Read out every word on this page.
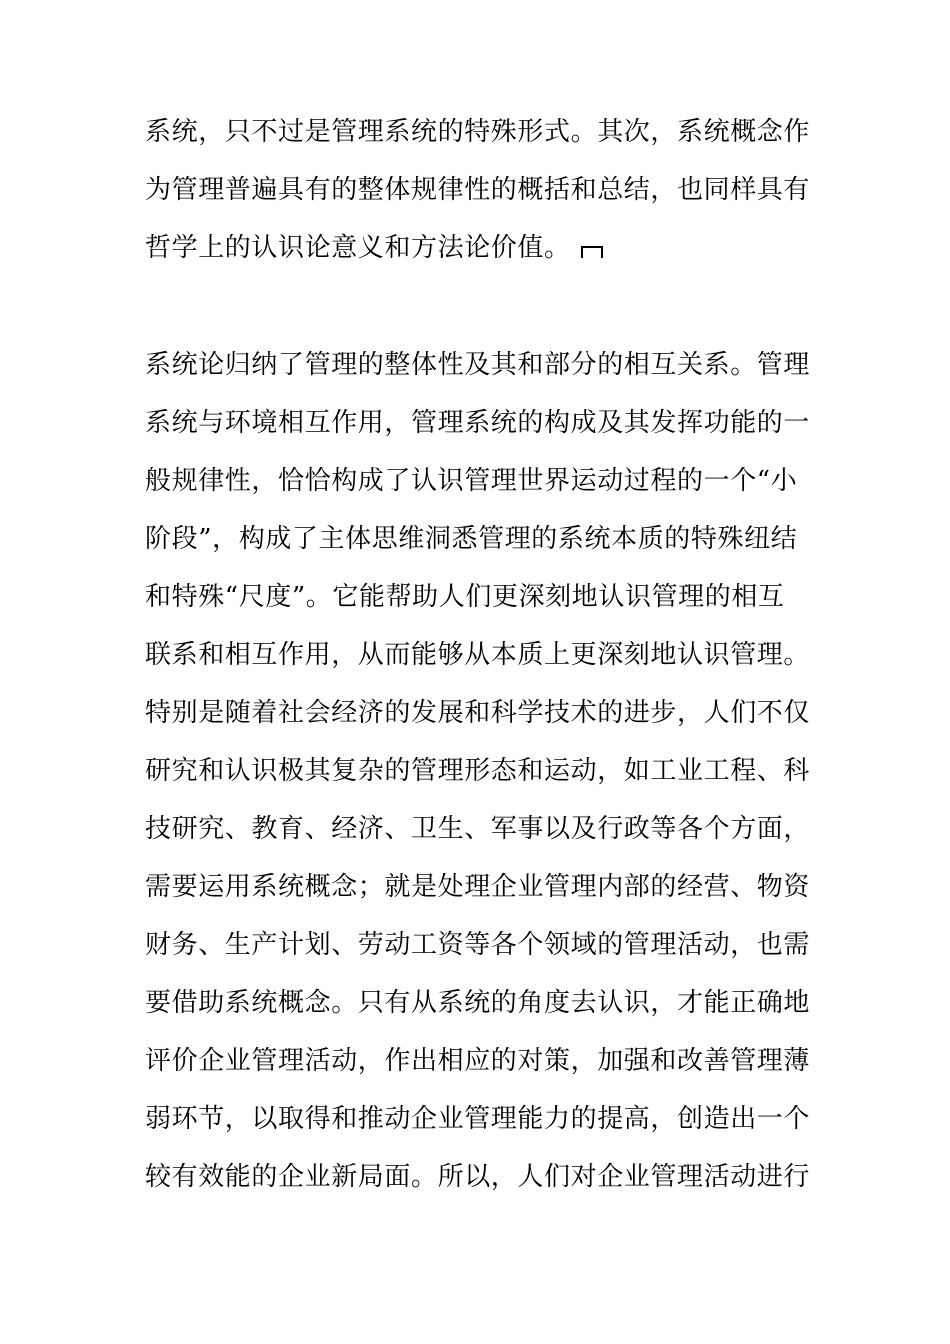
系统，只不过是管理系统的特殊形式。其次，系统概念作
为管理普遍具有的整体规律性的概括和总结，也同样具有
哲学上的认识论意义和方法论价值。
系统论归纳了管理的整体性及其和部分的相互关系。管理
系统与环境相互作用，管理系统的构成及其发挥功能的一
般规律性，恰恰构成了认识管理世界运动过程的一个“小
阶段”，构成了主体思维洞悉管理的系统本质的特殊纽结
和特殊“尺度”。它能帮助人们更深刻地认识管理的相互
联系和相互作用，从而能够从本质上更深刻地认识管理。
特别是随着社会经济的发展和科学技术的进步，人们不仅
研究和认识极其复杂的管理形态和运动，如工业工程、科
技研究、教育、经济、卫生、军事以及行政等各个方面，
需要运用系统概念；就是处理企业管理内部的经营、物资
财务、生产计划、劳动工资等各个领域的管理活动，也需
要借助系统概念。只有从系统的角度去认识，才能正确地
评价企业管理活动，作出相应的对策，加强和改善管理薄
弱环节，以取得和推动企业管理能力的提高，创造出一个
较有效能的企业新局面。所以，人们对企业管理活动进行
